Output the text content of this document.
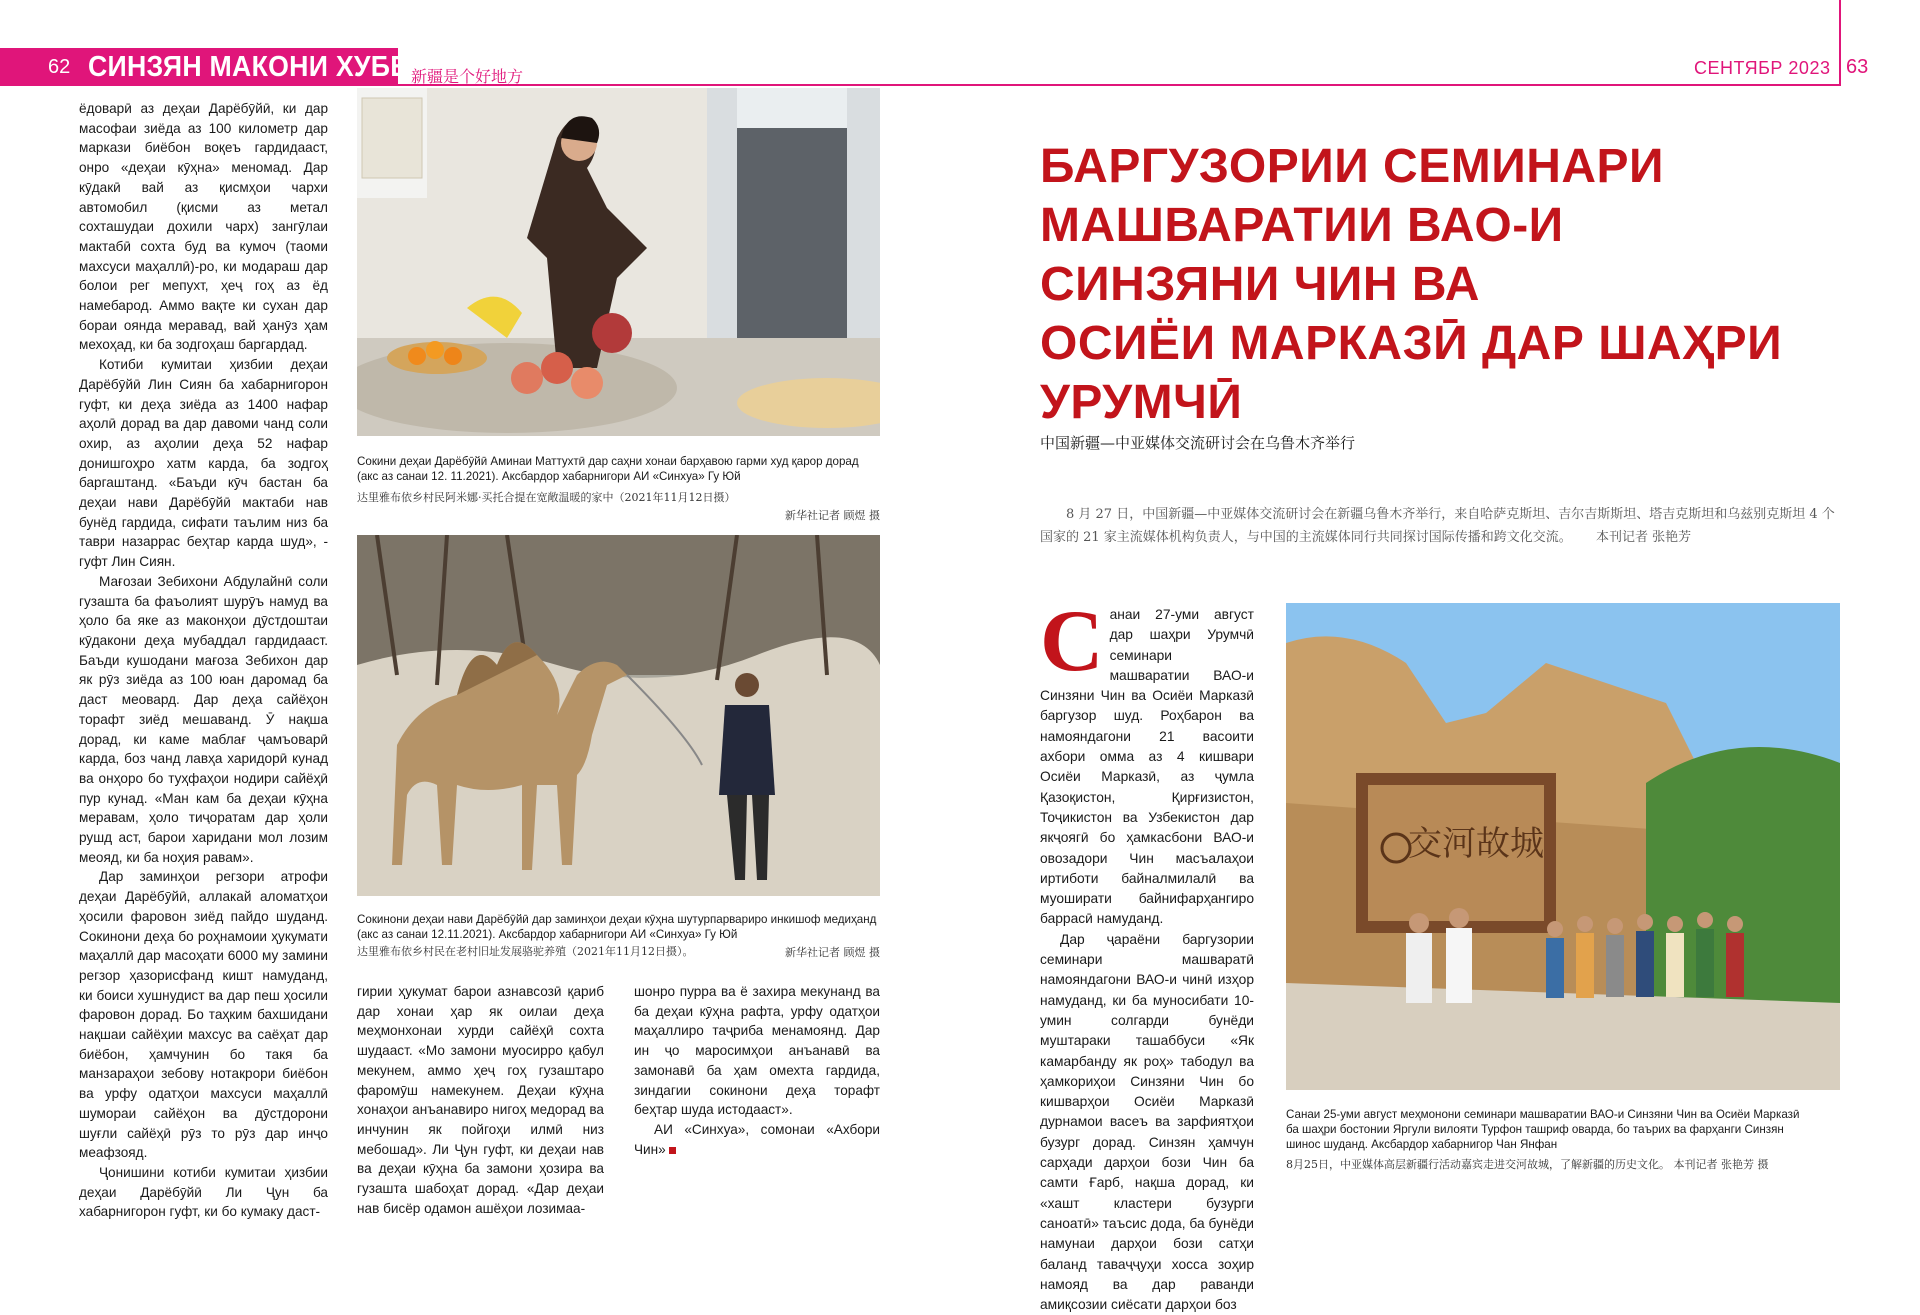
62 СИНЗЯН МАКОНИ ХУБЕСТ
新疆是个好地方	СЕНТЯБР 2023 63

ёдоварӣ аз деҳаи Дарёбӯйӣ, ки дар масофаи зиёда аз 100 километр дар маркази биёбон воқеъ гардидааст, онро «деҳаи кӯҳна» меномад. Дар кӯдакӣ вай аз қисмҳои чархи автомобил (қисми аз метал сохташудаи дохили чарх) зангӯлаи мактабӣ сохта буд ва кумоч (таоми махсуси маҳаллӣ)-ро, ки модараш дар болои рег мепухт, ҳеҷ гоҳ аз ёд намебарод. Аммо вақте ки сухан дар бораи оянда меравад, вай ҳанӯз ҳам мехоҳад, ки ба зодгоҳаш баргардад.

Котиби кумитаи ҳизбии деҳаи Дарёбӯйӣ Лин Сиян ба хабарнигорон гуфт, ки деҳа зиёда аз 1400 нафар аҳолӣ дорад ва дар давоми чанд соли охир, аз аҳолии деҳа 52 нафар донишгоҳро хатм карда, ба зодгоҳ баргаштанд. «Баъди кӯч бастан ба деҳаи нави Дарёбӯйӣ мактаби нав бунёд гардида, сифати таълим низ ба таври назаррас беҳтар карда шуд», - гуфт Лин Сиян.

Мағозаи Зебихони Абдулайнӣ соли гузашта ба фаъолият шурӯъ намуд ва ҳоло ба яке аз маконҳои дӯстдоштаи кӯдакони деҳа мубаддал гардидааст. Баъди кушодани мағоза Зебихон дар як рӯз зиёда аз 100 юан даромад ба даст меовард. Дар деҳа сайёҳон торафт зиёд мешаванд. Ӯ нақша дорад, ки каме маблағ ҷамъоварӣ карда, боз чанд лавҳа харидорӣ кунад ва онҳоро бо туҳфаҳои нодири сайёҳӣ пур кунад. «Ман кам ба деҳаи кӯҳна меравам, ҳоло тиҷоратам дар ҳоли рушд аст, барои харидани мол лозим меояд, ки ба ноҳия равам».

Дар заминҳои регзори атрофи деҳаи Дарёбӯйӣ, аллакай аломатҳои ҳосили фаровон зиёд пайдо шуданд. Сокинони деҳа бо роҳнамоии ҳукумати маҳаллӣ дар масоҳати 6000 му замини регзор ҳазорисфанд кишт намуданд, ки боиси хушнудист ва дар пеш ҳосили фаровон дорад. Бо таҳким бахшидани нақшаи сайёҳии махсус ва саёҳат дар биёбон, ҳамчунин бо такя ба манзараҳои зебову нотакрори биёбон ва урфу одатҳои махсуси маҳаллӣ шумораи сайёҳон ва дӯстдорони шуғли сайёҳӣ рӯз то рӯз дар инҷо меафзояд.

Ҷонишини котиби кумитаи ҳизбии деҳаи Дарёбӯйӣ Ли Ҷун ба хабарнигорон гуфт, ки бо кумаку даст-

Сокини деҳаи Дарёбӯйӣ Аминаи Маттухтӣ дар саҳни хонаи барҳавою гарми худ қарор дорад (акс аз санаи 12. 11.2021). Аксбардор хабарнигори АИ «Синхуа» Гу Юй
达里雅布依乡村民阿米娜·买托合提在宽敞温暖的家中（2021年11月12日摄）
新华社记者 顾煜 摄
Сокинони деҳаи нави Дарёбӯйӣ дар заминҳои деҳаи кӯҳна шутурпарвариро инкишоф медиҳанд (акс аз санаи 12.11.2021). Аксбардор хабарнигори АИ «Синхуа» Гу Юй
达里雅布依乡村民在老村旧址发展骆驼养殖（2021年11月12日摄）。	新华社记者 顾煜 摄

гирии ҳукумат барои азнавсозӣ қариб дар хонаи ҳар як оилаи деҳа меҳмонхонаи хурди сайёҳӣ сохта шудааст. «Мо замони муосирро қабул мекунем, аммо ҳеҷ гоҳ гузаштаро фаромӯш намекунем. Деҳаи кӯҳна хонаҳои анъанавиро нигоҳ медорад ва инчунин як пойгоҳи илмӣ низ мебошад». Ли Ҷун гуфт, ки деҳаи нав ва деҳаи кӯҳна ба замони ҳозира ва гузашта шабоҳат дорад. «Дар деҳаи нав бисёр одамон ашёҳои лозимаа-

шонро пурра ва ё захира мекунанд ва ба деҳаи кӯҳна рафта, урфу одатҳои маҳаллиро таҷриба менамоянд. Дар ин ҷо маросимҳои анъанавӣ ва замонавӣ ба ҳам омехта гардида, зиндагии сокинони деҳа торафт беҳтар шуда истодааст».

АИ «Синхуа», сомонаи «Ахбори Чин»

БАРГУЗОРИИ СЕМИНАРИ
МАШВАРАТИИ ВАО-И
СИНЗЯНИ ЧИН ВА
ОСИЁИ МАРКАЗӢ ДАР ШАҲРИ
УРУМЧӢ
中国新疆—中亚媒体交流研讨会在乌鲁木齐举行
8 月 27 日，中国新疆—中亚媒体交流研讨会在新疆乌鲁木齐举行，来自哈萨克斯坦、吉尔吉斯斯坦、塔吉克斯坦和乌兹别克斯坦 4 个国家的 21 家主流媒体机构负责人，与中国的主流媒体同行共同探讨国际传播和跨文化交流。 本刊记者 张艳芳

Санаи 27-уми август дар шаҳри Урумчӣ семинари машваратии ВАО-и Синзяни Чин ва Осиёи Марказӣ баргузор шуд. Роҳбарон ва намояндагони 21 васоити ахбори омма аз 4 кишвари Осиёи Марказӣ, аз ҷумла Қазоқистон, Қирғизистон, Тоҷикистон ва Узбекистон дар якҷоягӣ бо ҳамкасбони ВАО-и овозадори Чин масъалаҳои иртиботи байналмилалӣ ва муоширати байнифарҳангиро баррасӣ намуданд.

Дар ҷараёни баргузории семинари машваратӣ намояндагони ВАО-и чинӣ изҳор намуданд, ки ба муносибати 10-умин солгарди бунёди муштараки ташаббуси «Як камарбанду як роҳ» табодул ва ҳамкориҳои Синзяни Чин бо кишварҳои Осиёи Марказӣ дурнамои васеъ ва зарфиятҳои бузург дорад. Синзян ҳамчун сарҳади дарҳои бози Чин ба самти Ғарб, нақша дорад, ки «хашт кластери бузурги саноатӣ» таъсис дода, ба бунёди намунаи дарҳои бози сатҳи баланд таваҷҷуҳи хосса зоҳир намояд ва дар раванди амиқсозии сиёсати дарҳои боз

交河故城
Санаи 25-уми август меҳмонони семинари машваратии ВАО-и Синзяни Чин ва Осиёи Марказӣ ба шаҳри бостонии Яргули вилояти Турфон ташриф оварда, бо таърих ва фарҳанги Синзян шинос шуданд. Аксбардор хабарнигор Чан Янфан
8月25日，中亚媒体高层新疆行活动嘉宾走进交河故城，了解新疆的历史文化。 本刊记者 张艳芳 摄
